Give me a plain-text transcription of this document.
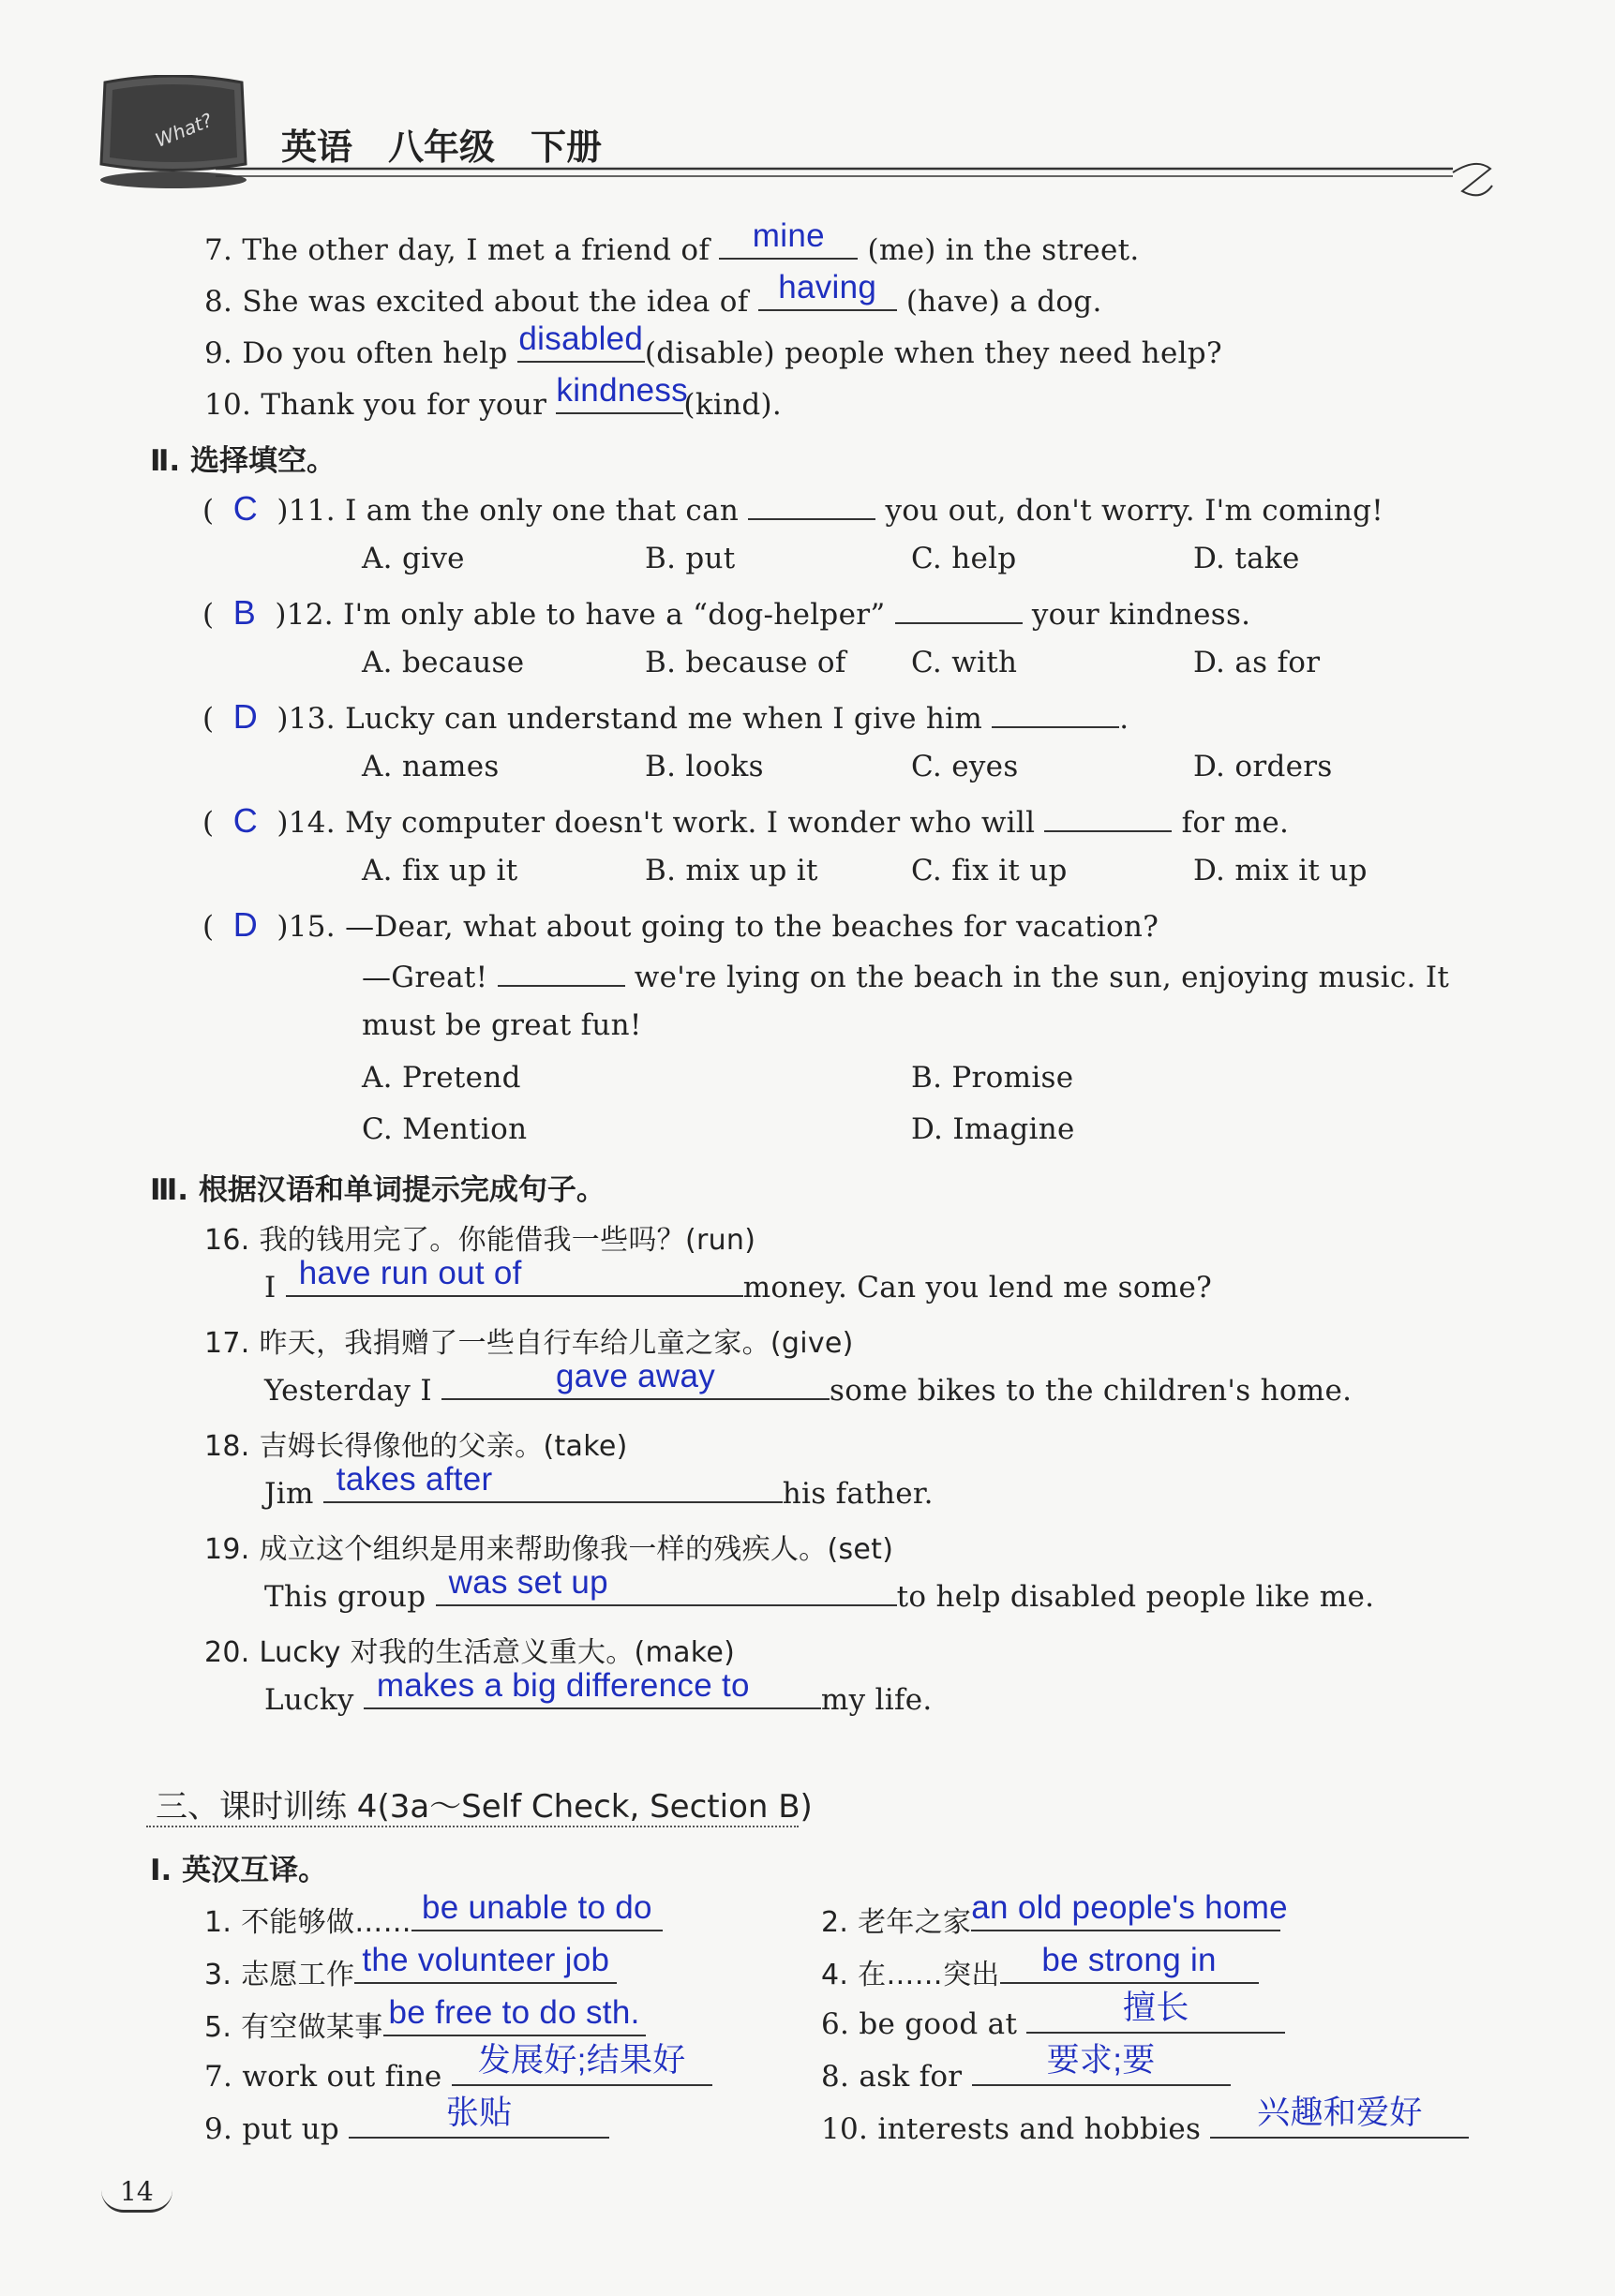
What? 英语　八年级　下册
7. The other day, I met a friend of	mine	(me) in the street.
8. She was excited about the idea of having	(have) a dog.
9. Do you often help disabled (disable) people when they need help?
10. Thank you for your kindness
(kind).
Ⅱ. 选择填空。
(  C )11. I am the only one that can	you out, don't worry. I'm coming!
A. give	B. put	C. help	D. take
(  B )12. I'm only able to have a “dog-helper”	your kindness.
A. because	B. because of C. with	D. as for
(  D )13. Lucky can understand me when I give him	.
A. names	B. looks	C. eyes	D. orders
(  C )14. My computer doesn't work. I wonder who will	for me.
A. fix up it	B. mix up it	C. fix it up	D. mix it up
(  D )15. —Dear, what about going to the beaches for vacation?
—Great!	we're lying on the beach in the sun, enjoying music. It
must be great fun!
A. Pretend	B. Promise
C. Mention	D. Imagine
Ⅲ. 根据汉语和单词提示完成句子。
16. 我的钱用完了。你能借我一些吗？(run)
I have run out of	money. Can you lend me some?
17. 昨天，我捐赠了一些自行车给儿童之家。(give)
Yesterday I	gave away	some bikes to the children's home.
18. 吉姆长得像他的父亲。(take)
Jim takes after	his father.
19. 成立这个组织是用来帮助像我一样的残疾人。(set)
This group was set up	to help disabled people like me.
20. Lucky 对我的生活意义重大。(make)
Lucky makes a big difference to	my life.
三、课时训练 4(3a～Self Check, Section B)
Ⅰ. 英汉互译。
1. 不能够做…… be unable to do
3. 志愿工作 the volunteer job
5. 有空做某事 be free to do sth.
7. work out fine	发展好;结果好
9. put up	张贴
2. 老年之家 an old people's home
4. 在……突出	be strong in
6. be good at	擅长
8. ask for	要求;要
10. interests and hobbies	兴趣和爱好
14
